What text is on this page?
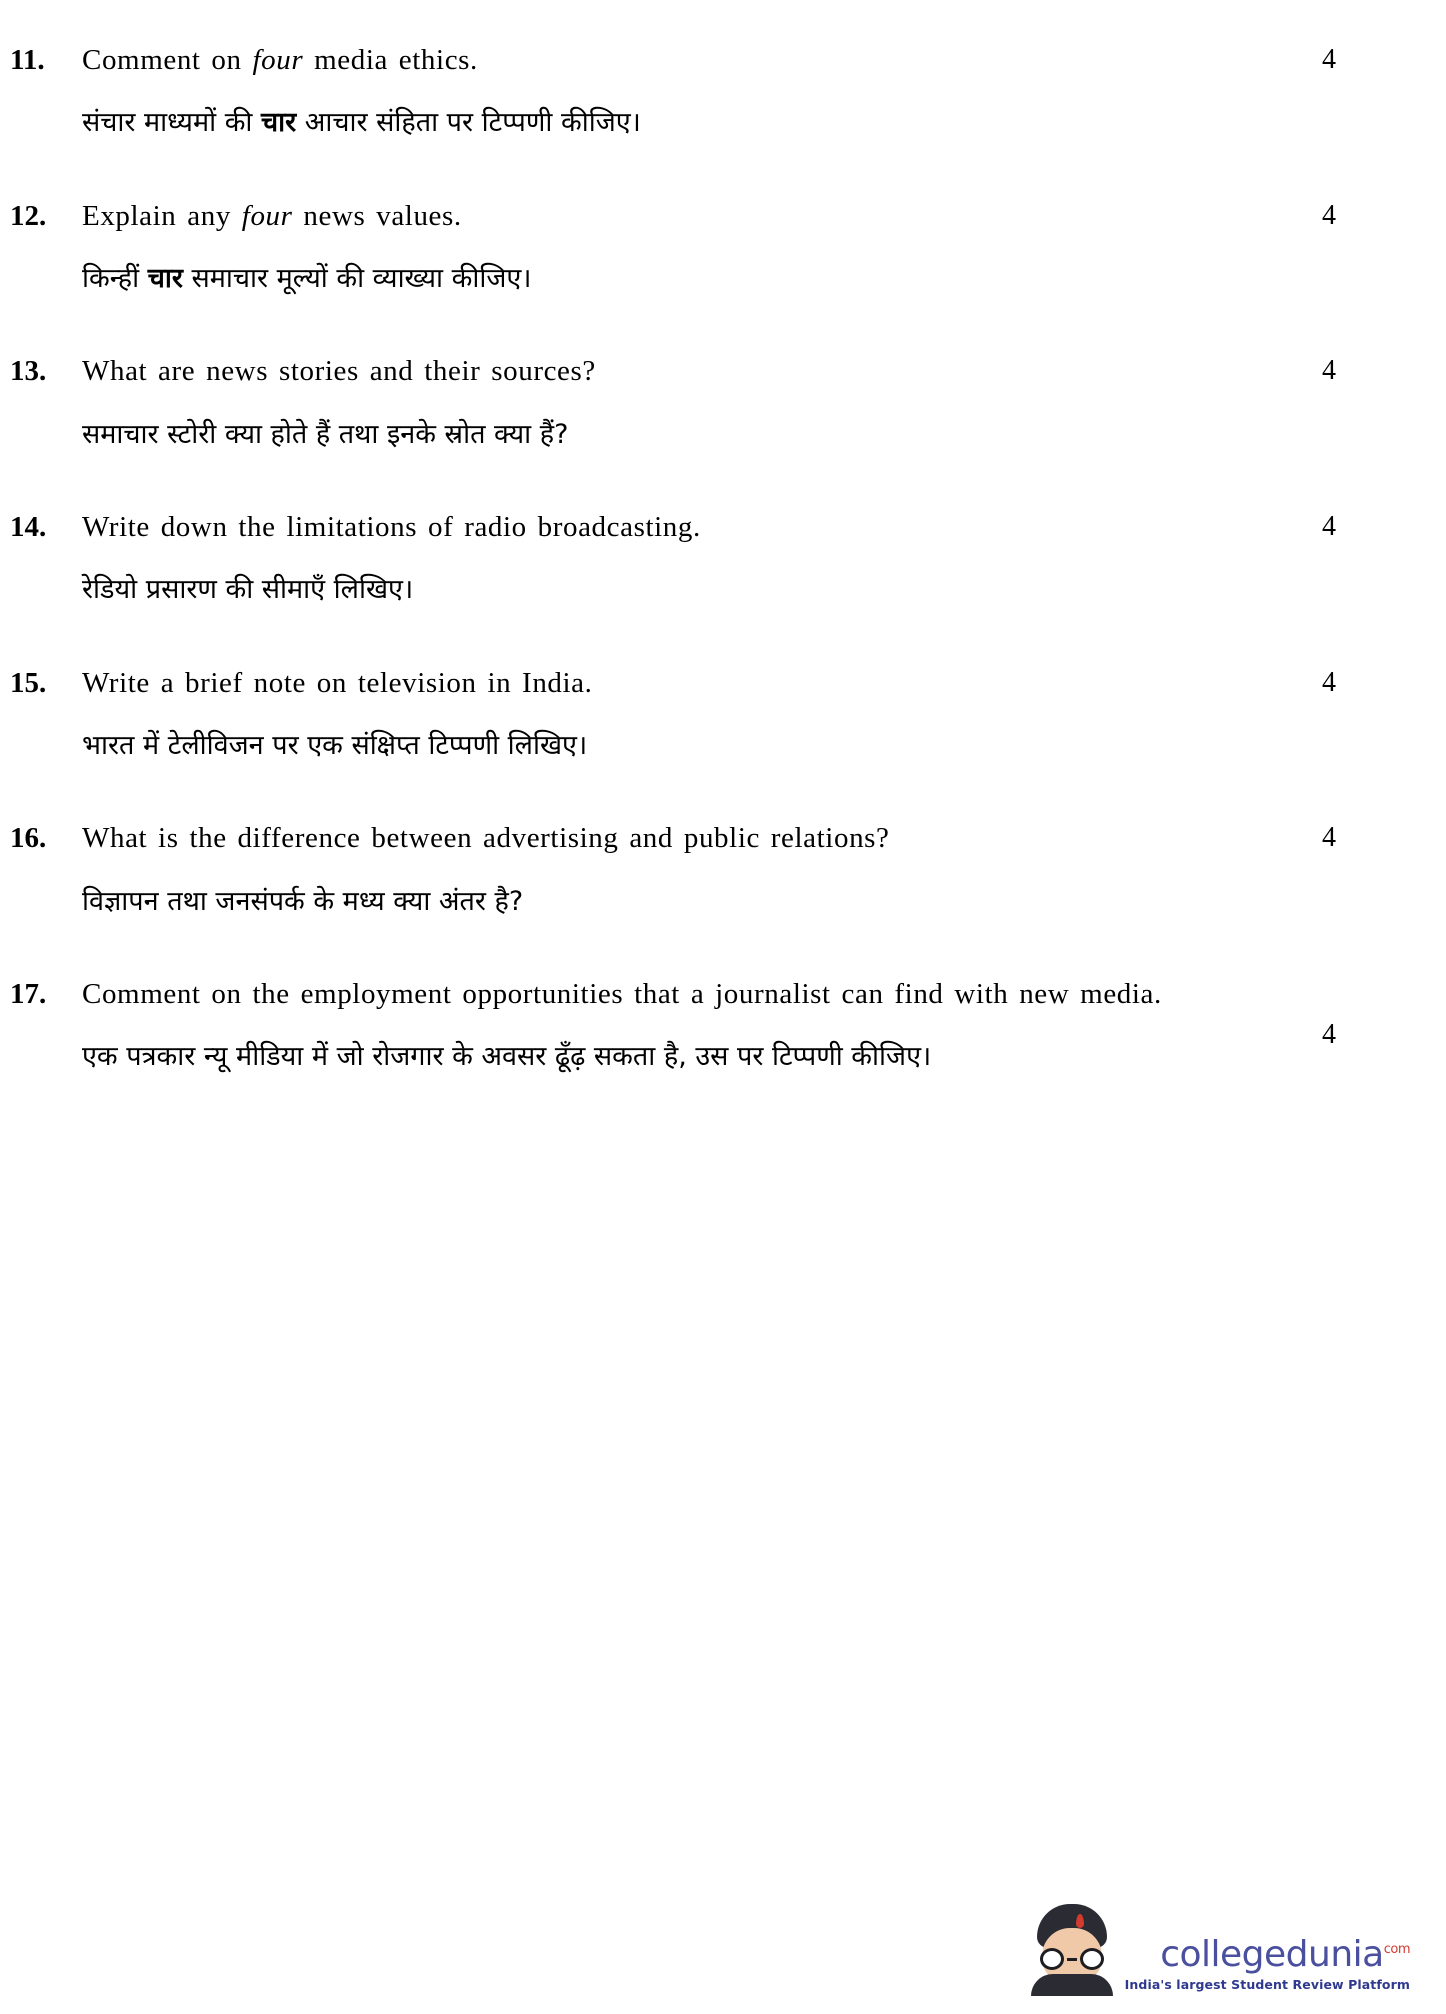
11.	Comment on four media ethics.	4
संचार माध्यमों की चार आचार संहिता पर टिप्पणी कीजिए।
12.	Explain any four news values.	4
किन्हीं चार समाचार मूल्यों की व्याख्या कीजिए।
13.	What are news stories and their sources?	4
समाचार स्टोरी क्या होते हैं तथा इनके स्रोत क्या हैं?
14.	Write down the limitations of radio broadcasting.	4
रेडियो प्रसारण की सीमाएँ लिखिए।
15.	Write a brief note on television in India.	4
भारत में टेलीविजन पर एक संक्षिप्त टिप्पणी लिखिए।
16.	What is the difference between advertising and public relations?	4
विज्ञापन तथा जनसंपर्क के मध्य क्या अंतर है?
17.	Comment on the employment opportunities that a journalist can find with new media.
4
एक पत्रकार न्यू मीडिया में जो रोजगार के अवसर ढूँढ़ सकता है, उस पर टिप्पणी कीजिए।
collegedunia$^{com}$
India's largest Student Review Platform
